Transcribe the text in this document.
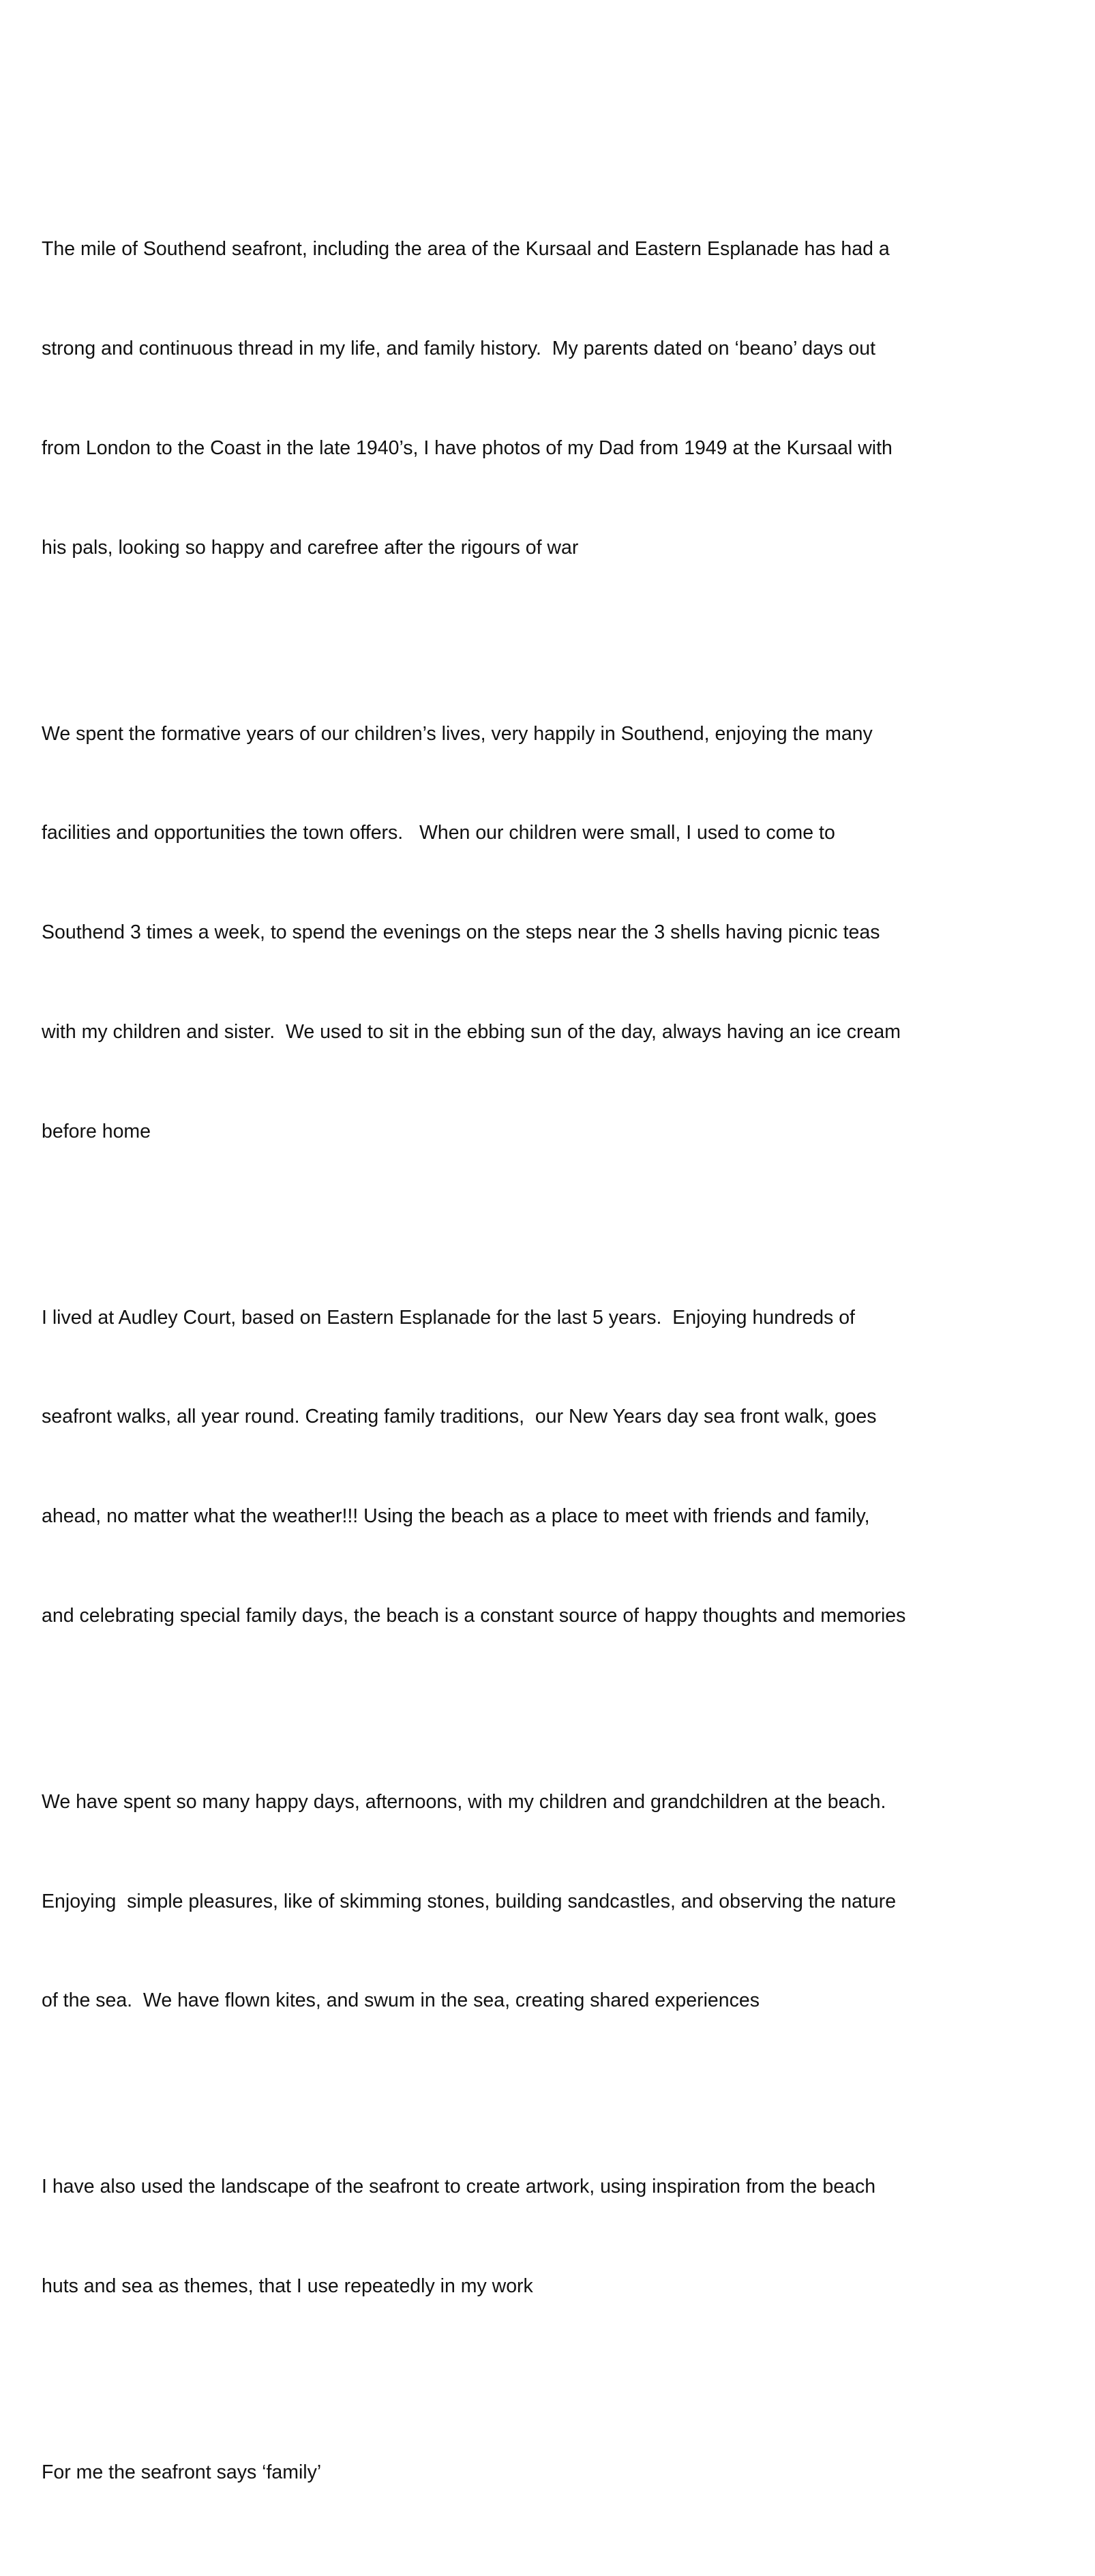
The mile of Southend seafront, including the area of the Kursaal and Eastern Esplanade has had a

strong and continuous thread in my life, and family history.  My parents dated on ‘beano’ days out

from London to the Coast in the late 1940’s, I have photos of my Dad from 1949 at the Kursaal with

his pals, looking so happy and carefree after the rigours of war

We spent the formative years of our children’s lives, very happily in Southend, enjoying the many

facilities and opportunities the town offers.   When our children were small, I used to come to

Southend 3 times a week, to spend the evenings on the steps near the 3 shells having picnic teas

with my children and sister.  We used to sit in the ebbing sun of the day, always having an ice cream

before home

I lived at Audley Court, based on Eastern Esplanade for the last 5 years.  Enjoying hundreds of

seafront walks, all year round. Creating family traditions,  our New Years day sea front walk, goes

ahead, no matter what the weather!!! Using the beach as a place to meet with friends and family,

and celebrating special family days, the beach is a constant source of happy thoughts and memories

We have spent so many happy days, afternoons, with my children and grandchildren at the beach.

Enjoying  simple pleasures, like of skimming stones, building sandcastles, and observing the nature

of the sea.  We have flown kites, and swum in the sea, creating shared experiences

I have also used the landscape of the seafront to create artwork, using inspiration from the beach

huts and sea as themes, that I use repeatedly in my work

For me the seafront says ‘family’
